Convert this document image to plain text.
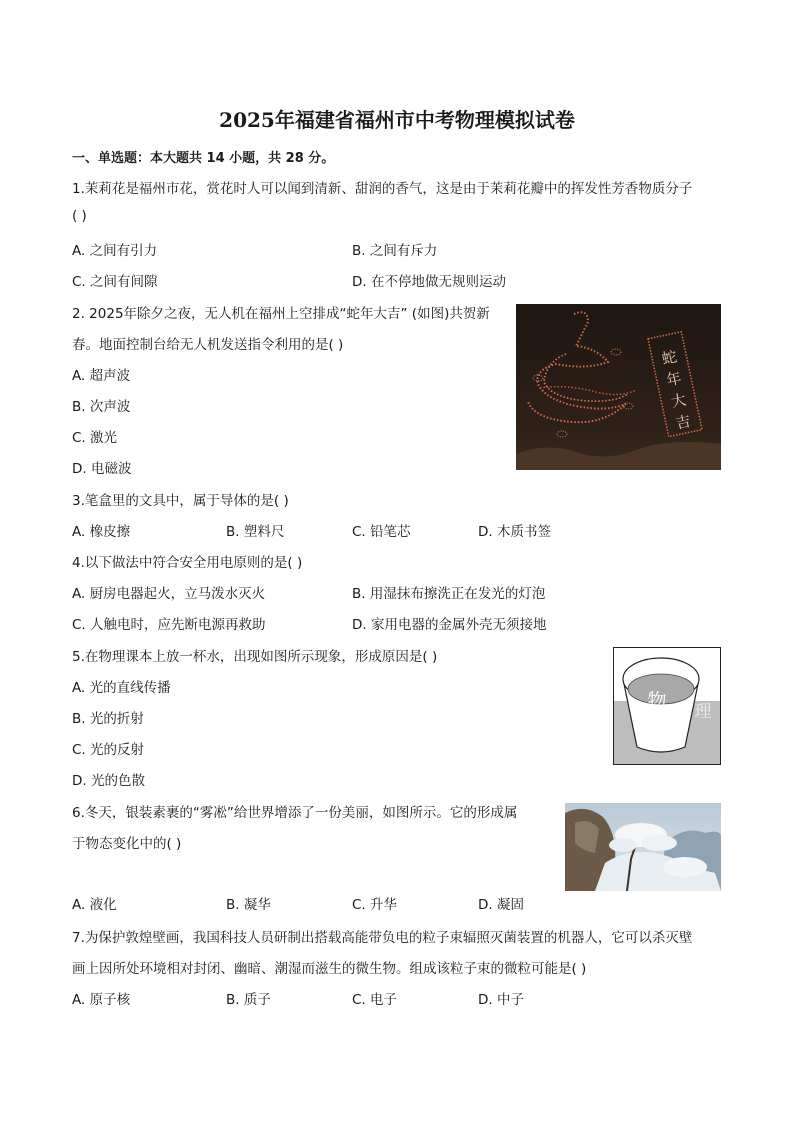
2025年福建省福州市中考物理模拟试卷
一、单选题：本大题共 14 小题，共 28 分。
1.茉莉花是福州市花，赏花时人可以闻到清新、甜润的香气，这是由于茉莉花瓣中的挥发性芳香物质分子
( )
A. 之间有引力	B. 之间有斥力
C. 之间有间隙	D. 在不停地做无规则运动
2. 2025年除夕之夜，无人机在福州上空排成“蛇年大吉” (如图)共贺新
春。地面控制台给无人机发送指令利用的是( )
A. 超声波
B. 次声波
C. 激光
D. 电磁波
蛇
年
大
吉
3.笔盒里的文具中，属于导体的是( )
A. 橡皮擦	B. 塑料尺	C. 铅笔芯	D. 木质书签
4.以下做法中符合安全用电原则的是( )
A. 厨房电器起火，立马泼水灭火	B. 用湿抹布擦洗正在发光的灯泡
C. 人触电时，应先断电源再救助	D. 家用电器的金属外壳无须接地
5.在物理课本上放一杯水，出现如图所示现象，形成原因是( )
A. 光的直线传播
B. 光的折射
C. 光的反射
D. 光的色散
物 理
6.冬天，银装素裹的“雾凇”给世界增添了一份美丽，如图所示。它的形成属
于物态变化中的( )
A. 液化	B. 凝华	C. 升华	D. 凝固
7.为保护敦煌壁画，我国科技人员研制出搭载高能带负电的粒子束辐照灭菌装置的机器人，它可以杀灭壁
画上因所处环境相对封闭、幽暗、潮湿而滋生的微生物。组成该粒子束的微粒可能是( )
A. 原子核	B. 质子	C. 电子	D. 中子
